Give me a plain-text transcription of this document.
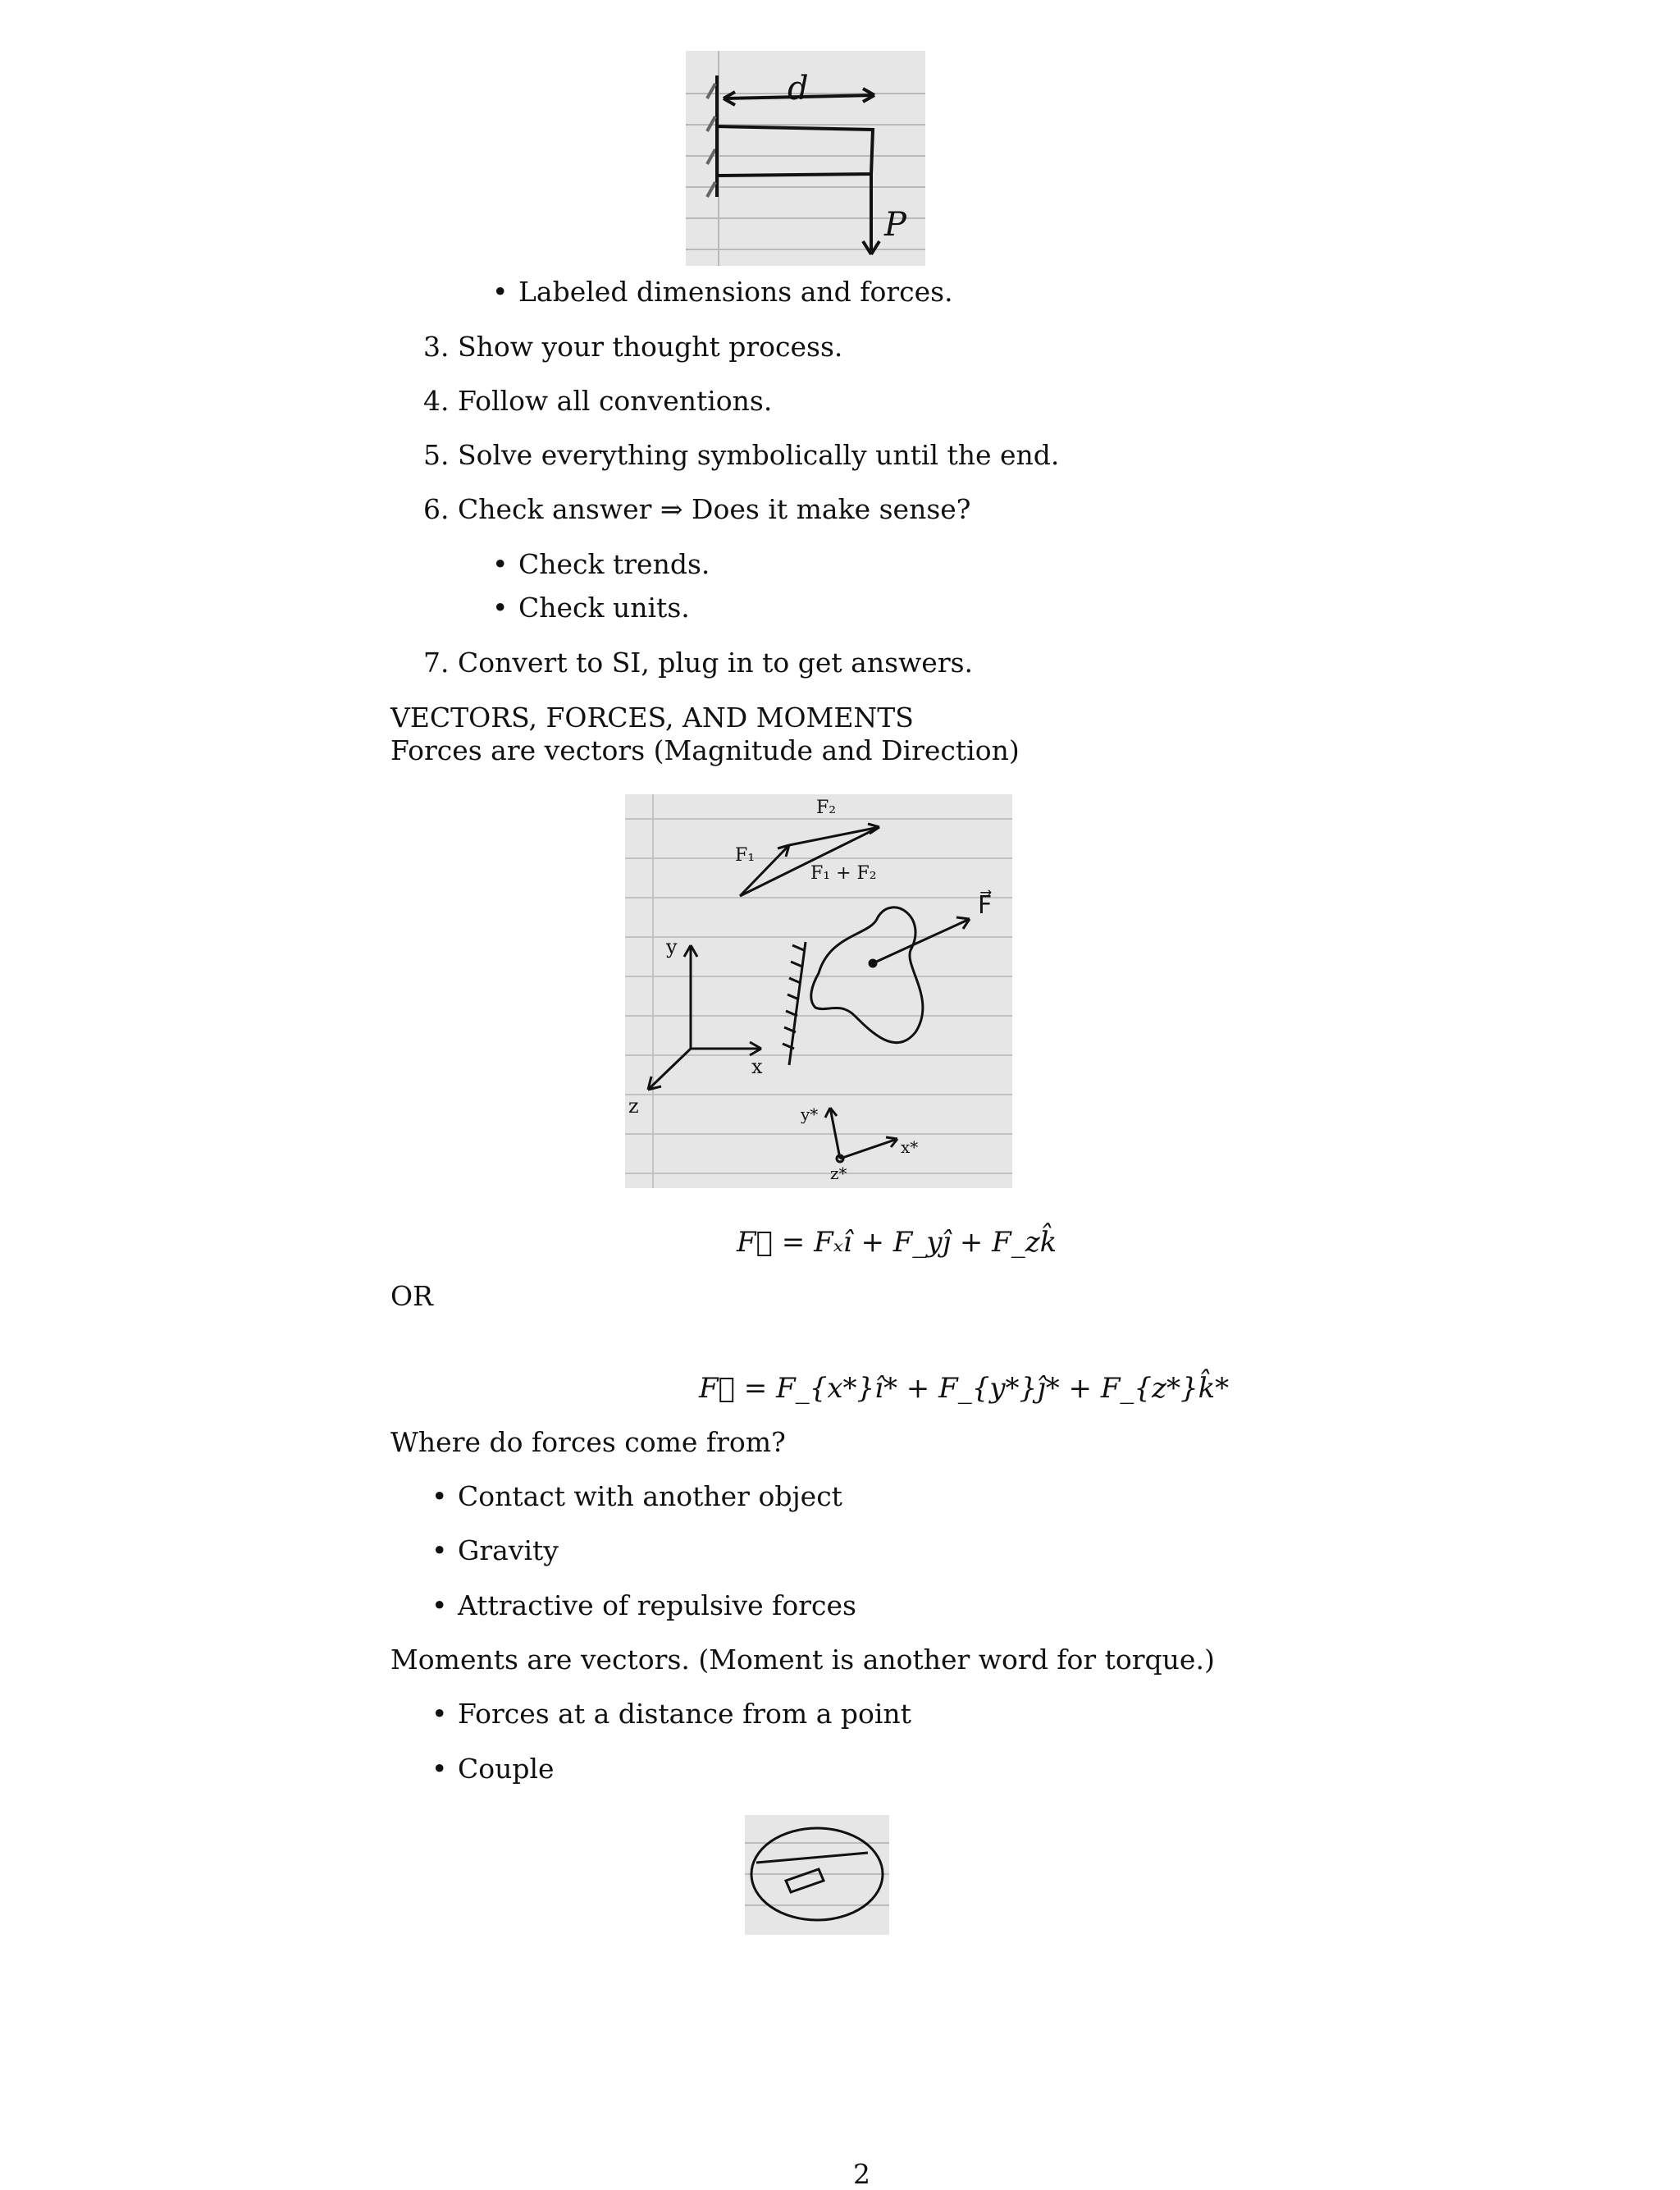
d
P
• Labeled dimensions and forces.
3. Show your thought process.
4. Follow all conventions.
5. Solve everything symbolically until the end.
6. Check answer ⇒ Does it make sense?
• Check trends.
• Check units.
7. Convert to SI, plug in to get answers.
VECTORS, FORCES, AND MOMENTS
Forces are vectors (Magnitude and Direction)
F₂
F₁
F₁ + F₂
F⃗
y
x
z	y*
x*
z*
F⃗ = Fₓî + F_yĵ + F_zk̂
OR
F⃗ = F_{x*}î* + F_{y*}ĵ* + F_{z*}k̂*
Where do forces come from?
• Contact with another object
• Gravity
• Attractive of repulsive forces
Moments are vectors. (Moment is another word for torque.)
• Forces at a distance from a point
• Couple
2
